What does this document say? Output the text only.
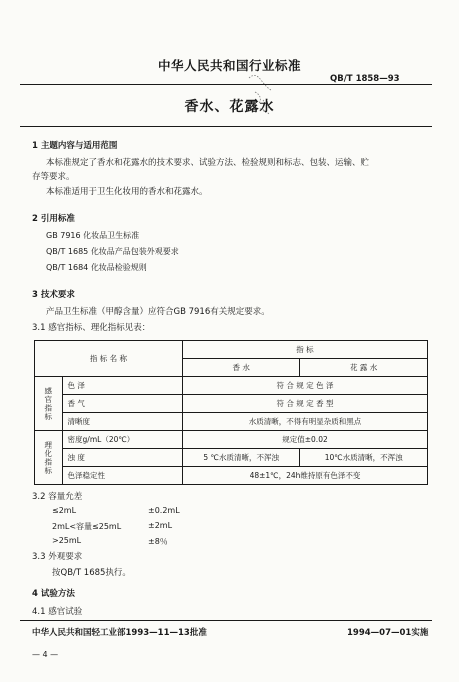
中华人民共和国行业标准
QB/T 1858—93
香水、花露水
1 主题内容与适用范围
本标准规定了香水和花露水的技术要求、试验方法、检验规则和标志、包装、运输、贮
存等要求。
本标准适用于卫生化妆用的香水和花露水。
2 引用标准
GB 7916 化妆品卫生标准
QB/T 1685 化妆品产品包装外观要求
QB/T 1684 化妆品检验规则
3 技术要求
产品卫生标准（甲醇含量）应符合GB 7916有关规定要求。
3.1 感官指标、理化指标见表：
指 标 名 称		指 标	
		香 水	花 露 水
感官指标	色 泽	符 合 规 定 色 泽	
	香 气	符 合 规 定 香 型	
	清晰度	水质清晰，不得有明显杂质和黑点	
理化指标	密度g/mL（20℃）	规定值±0.02	
	浊 度	5 ℃水质清晰，不浑浊	10℃水质清晰，不浑浊
	色泽稳定性	48±1℃，24h维持原有色泽不变	
3.2 容量允差
≤2mL	±0.2mL
2mL<容量≤25mL	±2mL
>25mL	±8％
3.3 外观要求
按QB/T 1685执行。
4 试验方法
4.1 感官试验
中华人民共和国轻工业部1993—11—13批准	1994—07—01实施
— 4 —
